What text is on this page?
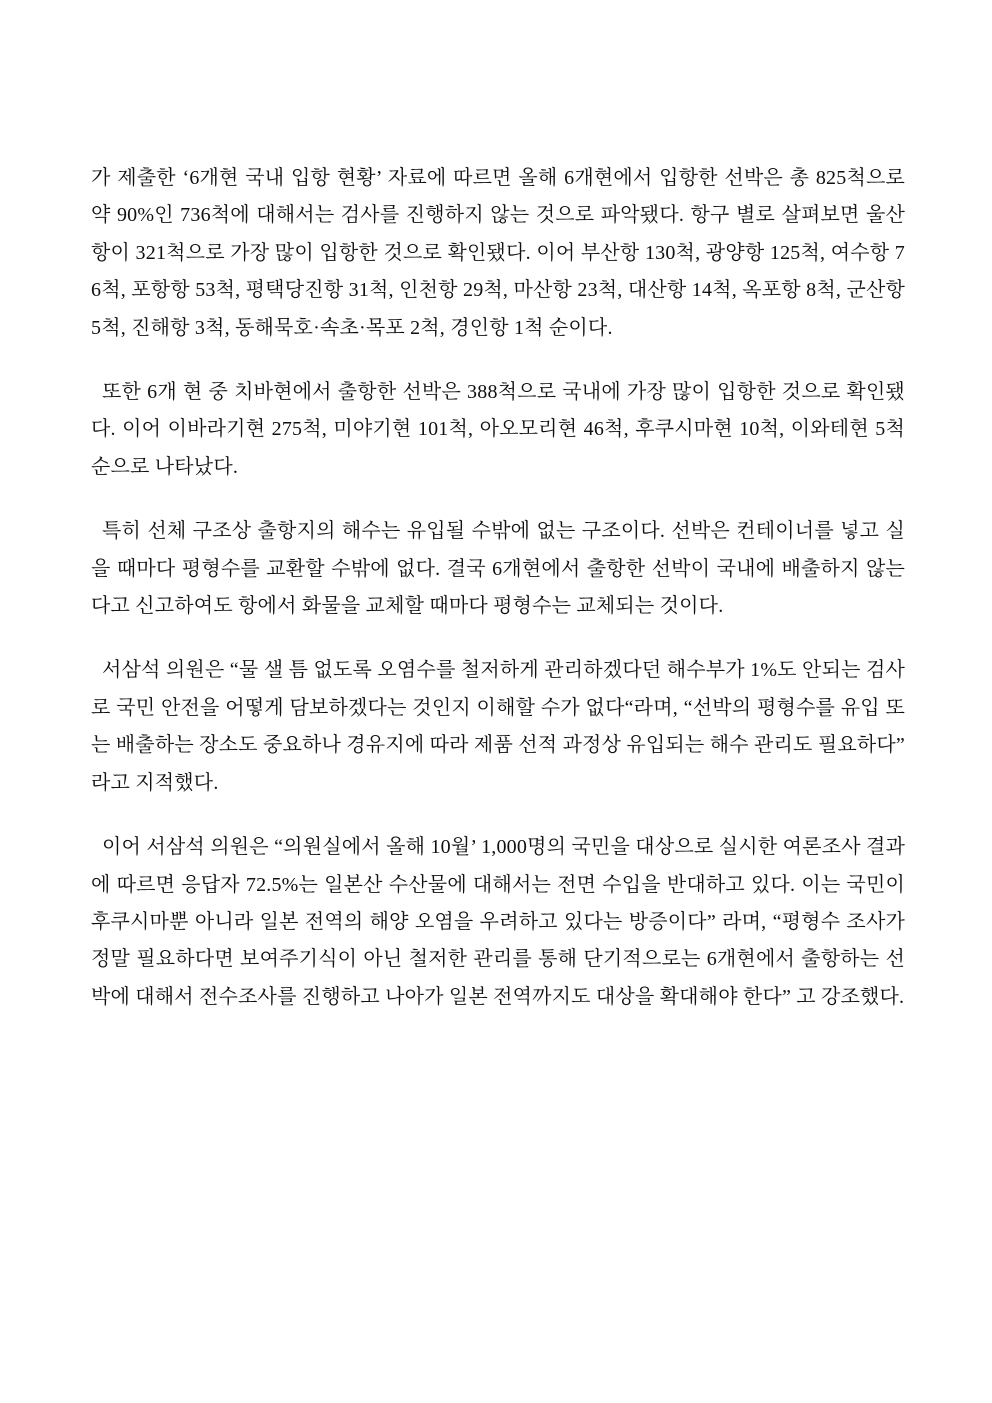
가 제출한 ‘6개현 국내 입항 현황’ 자료에 따르면 올해 6개현에서 입항한 선박은 총 825척으로 약 90%인 736척에 대해서는 검사를 진행하지 않는 것으로 파악됐다. 항구 별로 살펴보면 울산항이 321척으로 가장 많이 입항한 것으로 확인됐다. 이어 부산항 130척, 광양항 125척, 여수항 76척, 포항항 53척, 평택당진항 31척, 인천항 29척, 마산항 23척, 대산항 14척, 옥포항 8척, 군산항 5척, 진해항 3척, 동해묵호·속초·목포 2척, 경인항 1척 순이다.

또한 6개 현 중 치바현에서 출항한 선박은 388척으로 국내에 가장 많이 입항한 것으로 확인됐다. 이어 이바라기현 275척, 미야기현 101척, 아오모리현 46척, 후쿠시마현 10척, 이와테현 5척 순으로 나타났다.

특히 선체 구조상 출항지의 해수는 유입될 수밖에 없는 구조이다. 선박은 컨테이너를 넣고 실을 때마다 평형수를 교환할 수밖에 없다. 결국 6개현에서 출항한 선박이 국내에 배출하지 않는다고 신고하여도 항에서 화물을 교체할 때마다 평형수는 교체되는 것이다.

서삼석 의원은 “물 샐 틈 없도록 오염수를 철저하게 관리하겠다던 해수부가 1%도 안되는 검사로 국민 안전을 어떻게 담보하겠다는 것인지 이해할 수가 없다“라며, “선박의 평형수를 유입 또는 배출하는 장소도 중요하나 경유지에 따라 제품 선적 과정상 유입되는 해수 관리도 필요하다” 라고 지적했다.

이어 서삼석 의원은 “의원실에서 올해 10월’ 1,000명의 국민을 대상으로 실시한 여론조사 결과에 따르면 응답자 72.5%는 일본산 수산물에 대해서는 전면 수입을 반대하고 있다. 이는 국민이 후쿠시마뿐 아니라 일본 전역의 해양 오염을 우려하고 있다는 방증이다” 라며, “평형수 조사가 정말 필요하다면 보여주기식이 아닌 철저한 관리를 통해 단기적으로는 6개현에서 출항하는 선박에 대해서 전수조사를 진행하고 나아가 일본 전역까지도 대상을 확대해야 한다” 고 강조했다.
